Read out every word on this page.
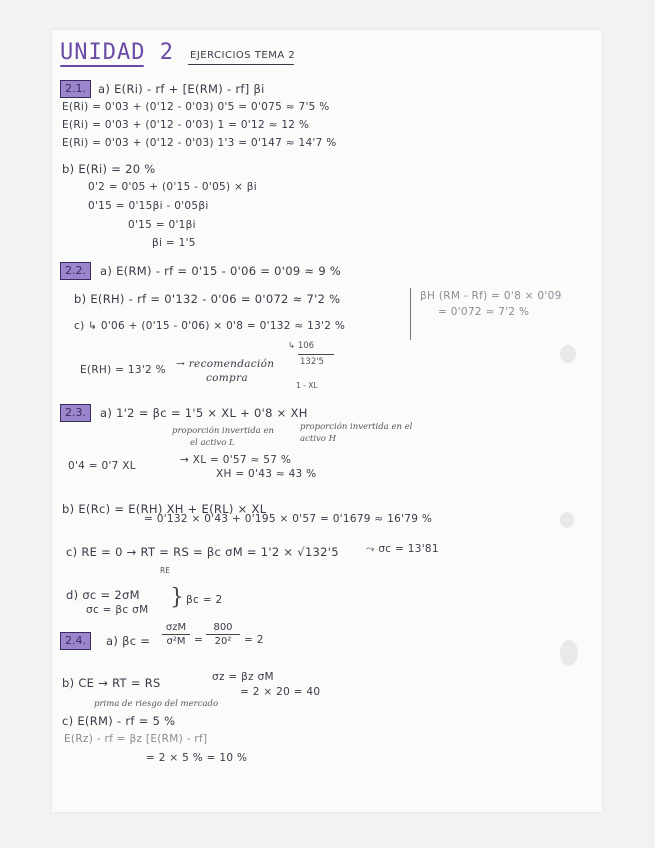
UNIDAD 2 EJERCICIOS TEMA 2
2.1.	a) E(Ri) - rf + [E(RM) - rf] βi
E(Ri) = 0'03 + (0'12 - 0'03) 0'5 = 0'075 ≈ 7'5 %
E(Ri) = 0'03 + (0'12 - 0'03) 1 = 0'12 ≈ 12 %
E(Ri) = 0'03 + (0'12 - 0'03) 1'3 = 0'147 ≈ 14'7 %
b) E(Ri) = 20 %
0'2 = 0'05 + (0'15 - 0'05) × βi
0'15 = 0'15βi - 0'05βi
0'15 = 0'1βi
βi = 1'5
2.2.	a) E(RM) - rf = 0'15 - 0'06 = 0'09 ≈ 9 %
b) E(RH) - rf = 0'132 - 0'06 = 0'072 ≈ 7'2 %
c) ↳ 0'06 + (0'15 - 0'06) × 0'8 = 0'132 ≈ 13'2 %
βH (RM - Rf) = 0'8 × 0'09
= 0'072 ≈ 7'2 %
↳ 106
132'5
E(RH) = 13'2 % → recomendación
compra
1 - XL
2.3.	a) 1'2 = βc = 1'5 × XL + 0'8 × XH
proporción invertida en
el activo L
proporción invertida en el
activo H
0'4 = 0'7 XL	→ XL = 0'57 ≈ 57 %
XH = 0'43 ≈ 43 %
b) E(Rc) = E(RH) XH + E(RL) × XL
= 0'132 × 0'43 + 0'195 × 0'57 = 0'1679 ≈ 16'79 %
c) RE = 0 → RT = RS = βc σM = 1'2 × √132'5	⤳ σc = 13'81
RE
d) σc = 2σM
σc = βc σM } βc = 2
2.4.	a) βc =
σzM
σ²M =
800
20²	= 2
b) CE → RT = RS	σz = βz σM
= 2 × 20 = 40
prima de riesgo del mercado
c) E(RM) - rf = 5 %
E(Rz) - rf = βz [E(RM) - rf]
= 2 × 5 % = 10 %
